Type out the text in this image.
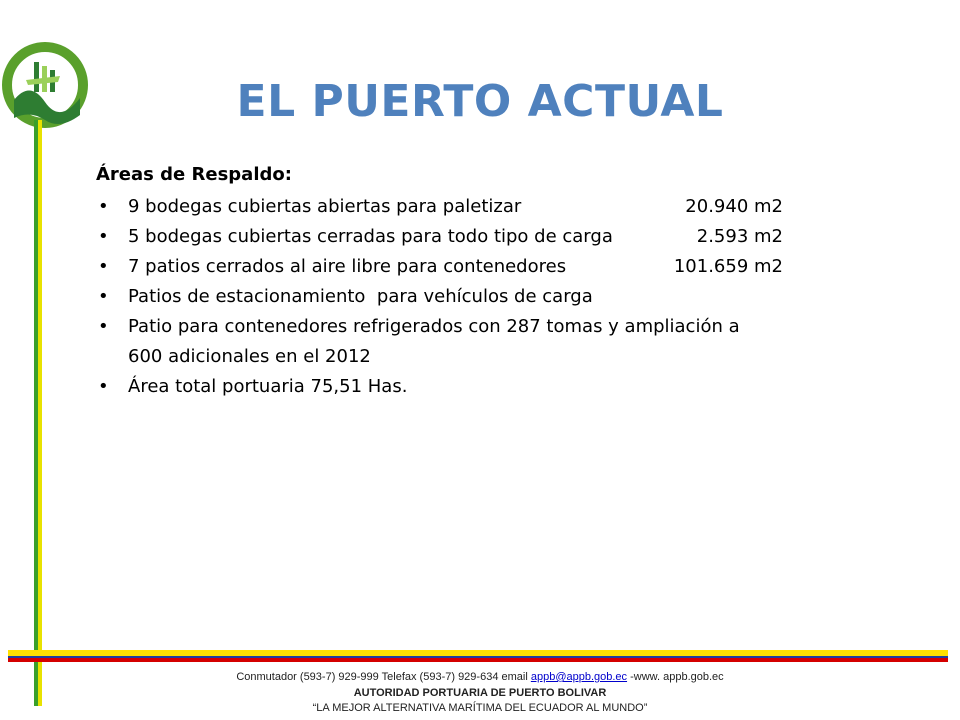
EL PUERTO ACTUAL
Áreas de Respaldo:
• 9 bodegas cubiertas abiertas para paletizar	20.940 m2
• 5 bodegas cubiertas cerradas para todo tipo de carga	2.593 m2
• 7 patios cerrados al aire libre para contenedores	101.659 m2
• Patios de estacionamiento  para vehículos de carga
• Patio para contenedores refrigerados con 287 tomas y ampliación a
600 adicionales en el 2012
• Área total portuaria 75,51 Has.
Conmutador (593-7) 929-999 Telefax (593-7) 929-634 email appb@appb.gob.ec -www. appb.gob.ec
AUTORIDAD PORTUARIA DE PUERTO BOLIVAR
“LA MEJOR ALTERNATIVA MARÍTIMA DEL ECUADOR AL MUNDO”
